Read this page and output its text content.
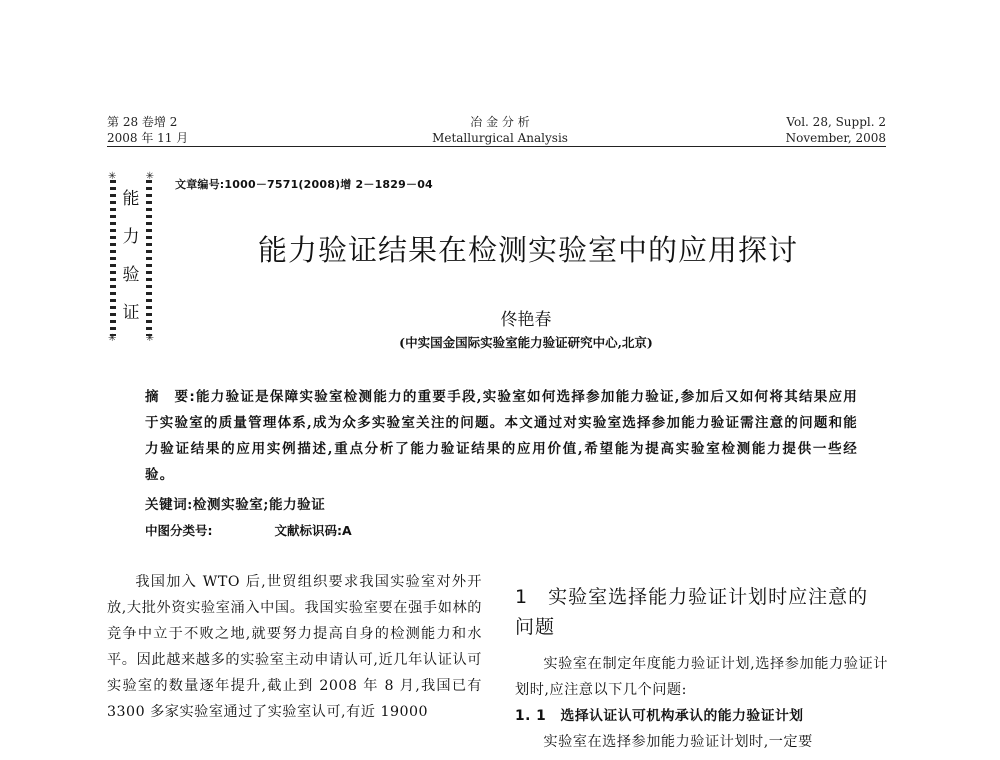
第 28 卷增 2
2008 年 11 月
冶 金 分 析
Metallurgical Analysis
Vol. 28, Suppl. 2
November, 2008
✳	✳
✳	✳
能
力
验
证
文章编号:1000－7571(2008)增 2－1829－04
能力验证结果在检测实验室中的应用探讨
佟艳春
(中实国金国际实验室能力验证研究中心,北京)
摘　要:能力验证是保障实验室检测能力的重要手段,实验室如何选择参加能力验证,参加后又如何将其结果应用于实验室的质量管理体系,成为众多实验室关注的问题。本文通过对实验室选择参加能力验证需注意的问题和能力验证结果的应用实例描述,重点分析了能力验证结果的应用价值,希望能为提高实验室检测能力提供一些经验。
关键词:检测实验室;能力验证
中图分类号:	文献标识码:A

我国加入 WTO 后,世贸组织要求我国实验室对外开放,大批外资实验室涌入中国。我国实验室要在强手如林的竞争中立于不败之地,就要努力提高自身的检测能力和水平。因此越来越多的实验室主动申请认可,近几年认证认可实验室的数量逐年提升,截止到 2008 年 8 月,我国已有 3300 多家实验室通过了实验室认可,有近 19000

1　实验室选择能力验证计划时应注意的问题

实验室在制定年度能力验证计划,选择参加能力验证计划时,应注意以下几个问题:

1. 1　选择认证认可机构承认的能力验证计划

实验室在选择参加能力验证计划时,一定要
